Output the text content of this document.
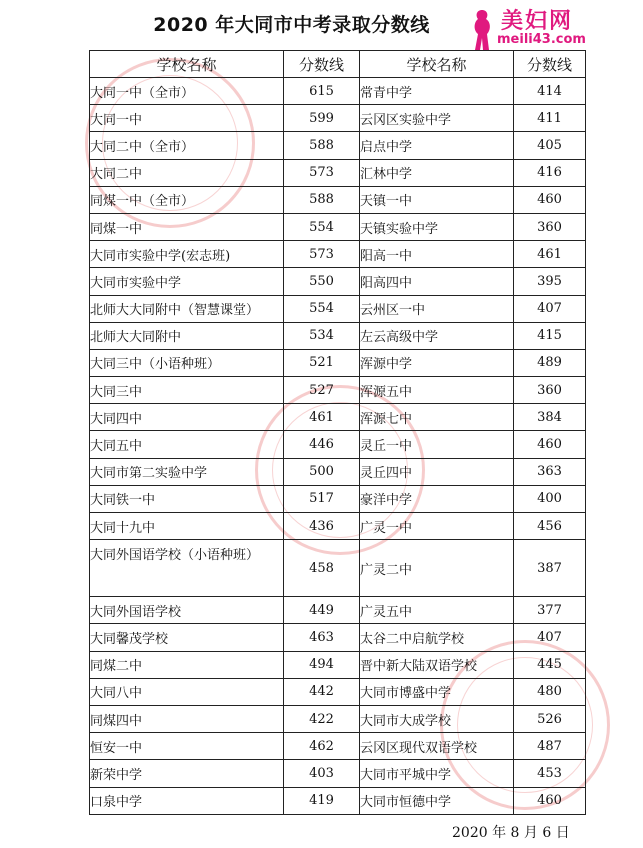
2020 年大同市中考录取分数线	美妇网
meili43.com
学校名称	分数线	学校名称	分数线
大同一中（全市）	615	常青中学	414
大同一中	599	云冈区实验中学	411
大同二中（全市）	588	启点中学	405
大同二中	573	汇林中学	416
同煤一中（全市）	588	天镇一中	460
同煤一中	554	天镇实验中学	360
大同市实验中学(宏志班)	573	阳高一中	461
大同市实验中学	550	阳高四中	395
北师大大同附中（智慧课堂）	554	云州区一中	407
北师大大同附中	534	左云高级中学	415
大同三中（小语种班）	521	浑源中学	489
大同三中	527	浑源五中	360
大同四中	461	浑源七中	384
大同五中	446	灵丘一中	460
大同市第二实验中学	500	灵丘四中	363
大同铁一中	517	豪洋中学	400
大同十九中	436	广灵一中	456
大同外国语学校（小语种班）	458	广灵二中	387
大同外国语学校	449	广灵五中	377
大同馨茂学校	463	太谷二中启航学校	407
同煤二中	494	晋中新大陆双语学校	445
大同八中	442	大同市博盛中学	480
同煤四中	422	大同市大成学校	526
恒安一中	462	云冈区现代双语学校	487
新荣中学	403	大同市平城中学	453
口泉中学	419	大同市恒德中学	460
2020 年 8 月 6 日
